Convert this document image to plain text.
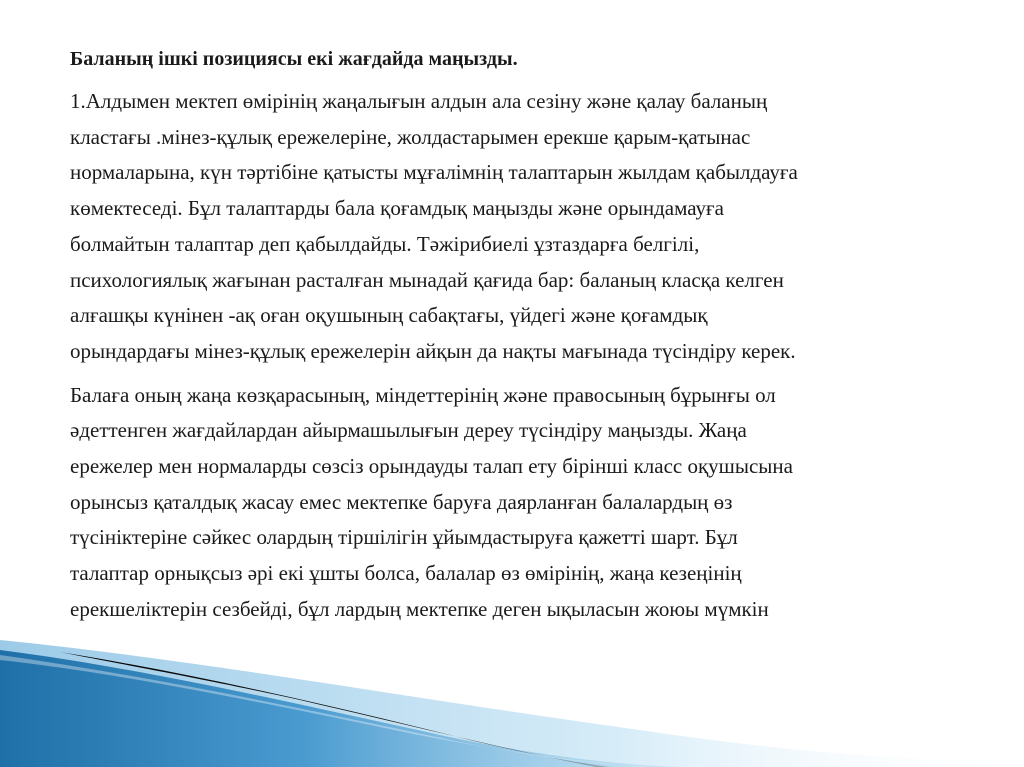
Баланың ішкі позициясы екі жағдайда маңызды.

1.Алдымен мектеп өмірінің жаңалығын алдын ала сезіну және қалау баланың
кластағы .мінез-құлық ережелеріне, жолдастарымен ерекше қарым-қатынас
нормаларына, күн тәртібіне қатысты мұғалімнің талаптарын жылдам қабылдауға
көмектеседі. Бұл талаптарды бала қоғамдық маңызды және орындамауға
болмайтын талаптар деп қабылдайды. Тәжірибиелі ұзтаздарға белгілі,
психологиялық жағынан расталған мынадай қағида бар: баланың класқа келген
алғашқы күнінен -ақ оған оқушының сабақтағы, үйдегі және қоғамдық
орындардағы мінез-құлық ережелерін айқын да нақты мағынада түсіндіру керек.

Балаға оның жаңа көзқарасының, міндеттерінің және правосының бұрынғы ол
әдеттенген жағдайлардан айырмашылығын дереу түсіндіру маңызды. Жаңа
ережелер мен нормаларды сөзсіз орындауды талап ету бірінші класс оқушысына
орынсыз қаталдық жасау емес мектепке баруға даярланған балалардың өз
түсініктеріне сәйкес олардың тіршілігін ұйымдастыруға қажетті шарт. Бұл
талаптар орнықсыз әрі екі ұшты болса, балалар өз өмірінің, жаңа кезеңінің
ерекшеліктерін сезбейді, бұл лардың мектепке деген ықыласын жоюы мүмкін
